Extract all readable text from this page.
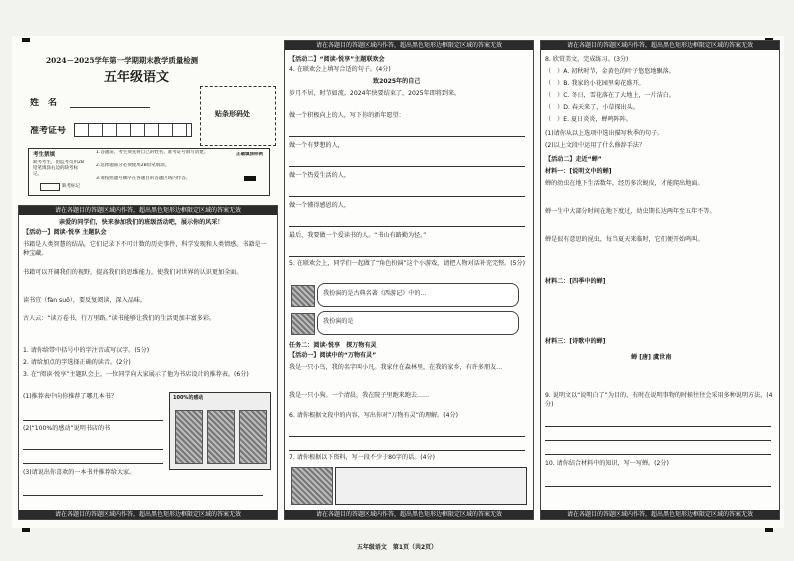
2024－2025学年第一学期期末教学质量检测
五年级语文
姓　名
准考证号
贴条形码处
考生禁填
缺考考生，由监考员用2B铅笔填涂右边的缺考标记。
缺考标记
1.答题前，考生须先将自己的姓名、准考证号填写清楚。
2.选择题部分必须使用2B铅笔填涂。
3.请按照题号顺序在各题目的答题区域内作答。
正确填涂样例
请在各题目的答题区域内作答，超出黑色矩形边框限定区域的答案无效
亲爱的同学们，快来参加我们的班级活动吧，展示你的风采！
【活动一】阅读·悦享 主题队会
书籍是人类智慧的结晶，它们记录下不可计数的历史事件，科学发现和人类情感。书籍是一种宝藏。
书籍可以开阔我们的视野，提高我们的思维能力，使我们对世界的认识更加全面。
读书宜（fàn suǒ），要反复阅读，深入品味。
古人云：“读万卷书，行万里路。”读书能够让我们的生活更加丰富多彩。
1. 请你给带中括号中的字注音或写汉字。(5分)
2. 请给加点的字选择正确的读音。(2分)
3. 在“阅读·悦享”主题队会上，一位同学向大家展示了他为书店设计的推荐表。(6分)
(1)推荐表中向你推荐了哪几本书？
(2)“100%的感动”说明书店的书
(3)请说出你喜欢的一本书并推荐给大家。
100%的感动
请在各题目的答题区域内作答，超出黑色矩形边框限定区域的答案无效
请在各题目的答题区域内作答，超出黑色矩形边框限定区域的答案无效
【活动二】“阅读·悦享”主题联欢会
4. 在联欢会上填写合适的句子。(4分)
致2025年的自己
岁月不居，时节如流。2024年快要结束了，2025年即将到来。
做一个积极向上的人，写下你的新年愿望：
做一个有梦想的人，
做一个热爱生活的人，
做一个懂得感恩的人，
最后，我要做一个爱读书的人。“书山有路勤为径。”
5. 在联欢会上，同学们一起做了“角色扮演”这个小游戏，请把人物对话补充完整。(5分)
我扮演的是古典名著《西游记》中的…
我扮演的是
任务二：阅读·悦享　探万物有灵
【活动一】阅读中的“万物有灵”
我是一只小鸟，我的名字叫小凡。我家住在森林里，在我的家乡，有许多朋友…
我是一只小狗。一个清晨，我在院子里跑来跑去……
6. 请你根据文段中的内容，写出你对“万物有灵”的理解。(4分)
7. 请你根据以下资料，写一段不少于80字的话。(4分)
请在各题目的答题区域内作答，超出黑色矩形边框限定区域的答案无效
请在各题目的答题区域内作答，超出黑色矩形边框限定区域的答案无效
8. 欣赏美文，完成练习。(3分)
（　）A. 初秋时节，金黄色的叶子悠悠地飘落。
（　）B. 我家的小花园里菊花盛开。
（　）C. 冬日，雪花落在了大地上，一片洁白。
（　）D. 春天来了，小草探出头。
（　）E. 夏日炎炎，蝉鸣阵阵。
(1)请你从以上选项中选出描写秋季的句子。
(2)以上文段中运用了什么修辞手法？
【活动二】走近“蝉”
材料一：[说明文中的蝉]
蝉的幼虫在地下生活数年，经历多次蜕皮，才能爬出地面。
蝉一生中大部分时间在地下度过，幼虫期长达两年至五年不等。
蝉是很有意思的昆虫，每当夏天来临时，它们便开始鸣叫。
材料二：[四季中的蝉]
材料三：[诗歌中的蝉]
蝉 [唐] 虞世南
9. 说明文以“说明白了”为目的，有时在说明事物的时候往往会采用多种说明方法。(4分)
10. 请你结合材料中的知识，写一写蝉。(2分)
请在各题目的答题区域内作答，超出黑色矩形边框限定区域的答案无效
五年级语文　第1页（共2页）
